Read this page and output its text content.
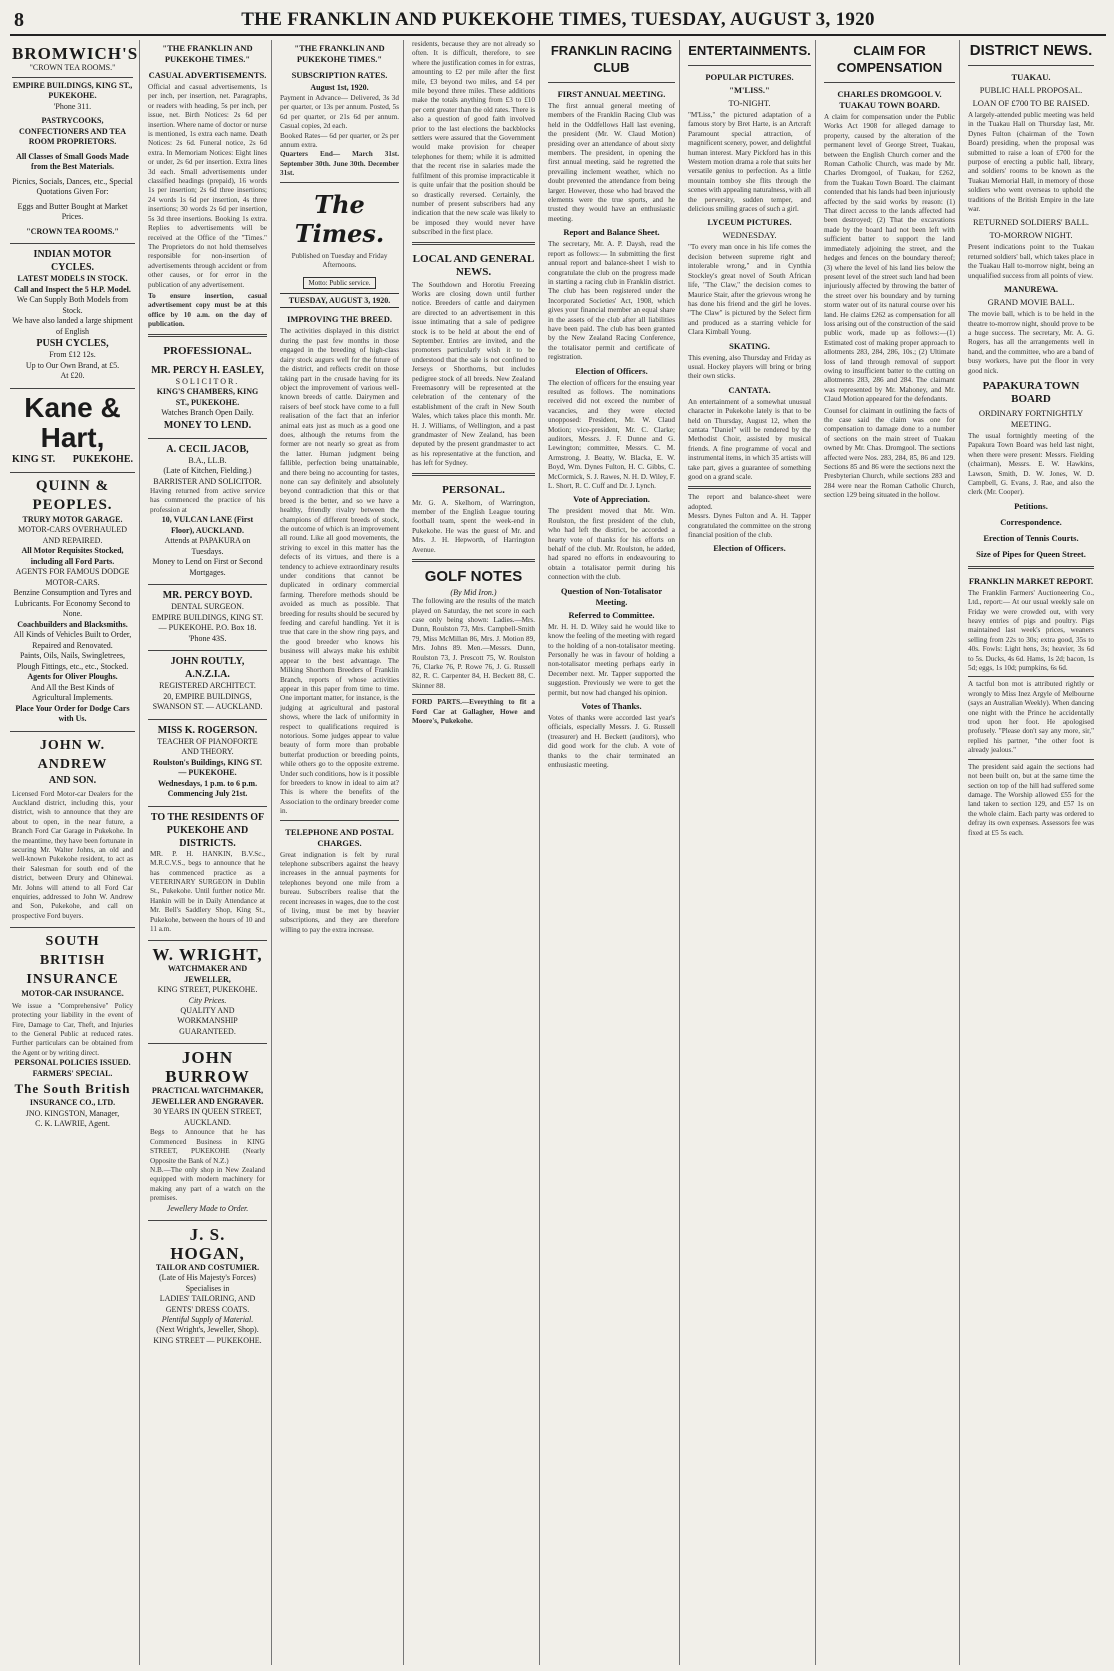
8	THE FRANKLIN AND PUKEKOHE TIMES, TUESDAY, AUGUST 3, 1920
BROMWICH'S
"CROWN TEA ROOMS."
EMPIRE BUILDINGS, KING ST., PUKEKOHE.
'Phone 311.
PASTRYCOOKS, CONFECTIONERS AND TEA ROOM PROPRIETORS.
All Classes of Small Goods Made from the Best Materials.
Picnics, Socials, Dances, etc., Special Quotations Given For:
Eggs and Butter Bought at Market Prices.
"CROWN TEA ROOMS."
INDIAN MOTOR CYCLES.
LATEST MODELS IN STOCK.
Call and Inspect the 5 H.P. Model.
We Can Supply Both Models from Stock.
We have also landed a large shipment of English
PUSH CYCLES,
From £12 12s.
Up to Our Own Brand, at £5.
At £20.
Kane & Hart,
KING ST. PUKEKOHE.
QUINN & PEOPLES.
TRURY MOTOR GARAGE.
MOTOR-CARS OVERHAULED AND REPAIRED.
All Motor Requisites Stocked, including all Ford Parts.
AGENTS FOR FAMOUS DODGE MOTOR-CARS.
Benzine Consumption and Tyres and Lubricants. For Economy Second to None.
Coachbuilders and Blacksmiths.
All Kinds of Vehicles Built to Order, Repaired and Renovated.
Paints, Oils, Nails, Swingletrees, Plough Fittings, etc., etc., Stocked.
Agents for Oliver Ploughs.
And All the Best Kinds of Agricultural Implements.
Place Your Order for Dodge Cars with Us.
JOHN W. ANDREW
AND SON.
Licensed Ford Motor-car Dealers for the Auckland district, including this, your district, wish to announce that they are about to open, in the near future, a Branch Ford Car Garage in Pukekohe. In the meantime, they have been fortunate in securing Mr. Walter Johns, an old and well-known Pukekohe resident, to act as their Salesman for south end of the district, between Drury and Ohinewai. Mr. Johns will attend to all Ford Car enquiries, addressed to John W. Andrew and Son, Pukekohe, and call on prospective Ford buyers.
SOUTH BRITISH INSURANCE
MOTOR-CAR INSURANCE.
We issue a "Comprehensive" Policy protecting your liability in the event of Fire, Damage to Car, Theft, and Injuries to the General Public at reduced rates. Further particulars can be obtained from the Agent or by writing direct.
PERSONAL POLICIES ISSUED.
FARMERS' SPECIAL.
The South British
INSURANCE CO., LTD.
JNO. KINGSTON, Manager,
C. K. LAWRIE, Agent.
"THE FRANKLIN AND PUKEKOHE TIMES."
CASUAL ADVERTISEMENTS.
Official and casual advertisements, 1s per inch, per insertion, net. Paragraphs, or readers with heading, 5s per inch, per issue, net. Birth Notices: 2s 6d per insertion. Where name of doctor or nurse is mentioned, 1s extra each name. Death Notices: 2s 6d. Funeral notice, 2s 6d extra. In Memoriam Notices: Eight lines or under, 2s 6d per insertion. Extra lines 3d each. Small advertisements under classified headings (prepaid), 16 words 1s per insertion; 2s 6d three insertions; 24 words 1s 6d per insertion, 4s three insertions; 30 words 2s 6d per insertion, 5s 3d three insertions. Booking 1s extra. Replies to advertisements will be received at the Office of the "Times." The Proprietors do not hold themselves responsible for non-insertion of advertisements through accident or from other causes, or for error in the publication of any advertisement.
To ensure insertion, casual advertisement copy must be at this office by 10 a.m. on the day of publication.
PROFESSIONAL.
MR. PERCY H. EASLEY,
SOLICITOR.
KING'S CHAMBERS, KING ST., PUKEKOHE.
Watches Branch Open Daily.
MONEY TO LEND.
A. CECIL JACOB,
B.A., LL.B.
(Late of Kitchen, Fielding.) BARRISTER AND SOLICITOR.
Having returned from active service has commenced the practice of his profession at
10, VULCAN LANE (First Floor), AUCKLAND.
Attends at PAPAKURA on Tuesdays.
Money to Lend on First or Second Mortgages.
MR. PERCY BOYD.
DENTAL SURGEON.
EMPIRE BUILDINGS, KING ST. — PUKEKOHE. P.O. Box 18. 'Phone 43S.
JOHN ROUTLY, A.N.Z.I.A.
REGISTERED ARCHITECT.
20, EMPIRE BUILDINGS, SWANSON ST. — AUCKLAND.
MISS K. ROGERSON.
TEACHER OF PIANOFORTE AND THEORY.
Roulston's Buildings, KING ST. — PUKEKOHE.
Wednesdays, 1 p.m. to 6 p.m. Commencing July 21st.
TO THE RESIDENTS OF PUKEKOHE AND DISTRICTS.
MR. P. H. HANKIN, B.V.Sc., M.R.C.V.S., begs to announce that he has commenced practice as a VETERINARY SURGEON in Dublin St., Pukekohe. Until further notice Mr. Hankin will be in Daily Attendance at Mr. Bell's Saddlery Shop, King St., Pukekohe, between the hours of 10 and 11 a.m.
W. WRIGHT,
WATCHMAKER AND JEWELLER,
KING STREET, PUKEKOHE.
City Prices.
QUALITY AND WORKMANSHIP GUARANTEED.
JOHN BURROW
PRACTICAL WATCHMAKER, JEWELLER AND ENGRAVER.
30 YEARS IN QUEEN STREET, AUCKLAND.
Begs to Announce that he has Commenced Business in KING STREET, PUKEKOHE (Nearly Opposite the Bank of N.Z.)
N.B.—The only shop in New Zealand equipped with modern machinery for making any part of a watch on the premises.
Jewellery Made to Order.
J. S. HOGAN,
TAILOR AND COSTUMIER.
(Late of His Majesty's Forces) Specialises in
LADIES' TAILORING, AND GENTS' DRESS COATS.
Plentiful Supply of Material.
(Next Wright's, Jeweller, Shop). KING STREET — PUKEKOHE.
"THE FRANKLIN AND PUKEKOHE TIMES."
SUBSCRIPTION RATES.
August 1st, 1920.
Payment in Advance— Delivered, 3s 3d per quarter, or 13s per annum. Posted, 5s 6d per quarter, or 21s 6d per annum. Casual copies, 2d each.
Booked Rates— 6d per quarter, or 2s per annum extra.
Quarters End— March 31st. September 30th. June 30th. December 31st.
The Times.
Published on Tuesday and Friday Afternoons.
Motto: Public service.
TUESDAY, AUGUST 3, 1920.
IMPROVING THE BREED.
The activities displayed in this district during the past few months in those engaged in the breeding of high-class dairy stock augurs well for the future of the district, and reflects credit on those taking part in the crusade having for its object the improvement of various well-known breeds of cattle. Dairymen and raisers of beef stock have come to a full realisation of the fact that an inferior animal eats just as much as a good one does, although the returns from the former are not nearly so great as from the latter. Human judgment being fallible, perfection being unattainable, and there being no accounting for tastes, none can say definitely and absolutely beyond contradiction that this or that breed is the better, and so we have a healthy, friendly rivalry between the champions of different breeds of stock, the outcome of which is an improvement all round. Like all good movements, the striving to excel in this matter has the defects of its virtues, and there is a tendency to achieve extraordinary results under conditions that cannot be duplicated in ordinary commercial farming. Therefore methods should be avoided as much as possible. That breeding for results should be secured by feeding and careful handling. Yet it is true that care in the show ring pays, and the good breeder who knows his business will always make his exhibit appear to the best advantage. The Milking Shorthorn Breeders of Franklin Branch, reports of whose activities appear in this paper from time to time. One important matter, for instance, is the judging at agricultural and pastoral shows, where the lack of uniformity in respect to qualifications required is notorious. Some judges appear to value beauty of form more than probable butterfat production or breeding points, while others go to the opposite extreme. Under such conditions, how is it possible for breeders to know in ideal to aim at? This is where the benefits of the Association to the ordinary breeder come in.
TELEPHONE AND POSTAL CHARGES.
Great indignation is felt by rural telephone subscribers against the heavy increases in the annual payments for telephones beyond one mile from a bureau. Subscribers realise that the recent increases in wages, due to the cost of living, must be met by heavier subscriptions, and they are therefore willing to pay the extra increase.
residents, because they are not already so often. It is difficult, therefore, to see where the justification comes in for extras, amounting to £2 per mile after the first mile, £3 beyond two miles, and £4 per mile beyond three miles. These additions make the totals anything from £3 to £10 per cent greater than the old rates. There is also a question of good faith involved prior to the last elections the backblocks settlers were assured that the Government would make provision for cheaper telephones for them; while it is admitted that the recent rise in salaries made the fulfilment of this promise impracticable it is quite unfair that the position should be so drastically reversed. Certainly, the number of present subscribers had any indication that the new scale was likely to be imposed they would never have subscribed in the first place.
LOCAL AND GENERAL NEWS.
The Southdown and Horotiu Freezing Works are closing down until further notice. Breeders of cattle and dairymen are directed to an advertisement in this issue intimating that a sale of pedigree stock is to be held at about the end of September. Entries are invited, and the promoters particularly wish it to be understood that the sale is not confined to Jerseys or Shorthorns, but includes pedigree stock of all breeds. New Zealand Freemasonry will be represented at the celebration of the centenary of the establishment of the craft in New South Wales, which takes place this month. Mr. H. J. Williams, of Wellington, and a past grandmaster of New Zealand, has been deputed by the present grandmaster to act as his representative at the function, and has left for Sydney.
PERSONAL.
Mr. G. A. Skelhorn, of Warrington, member of the English League touring football team, spent the week-end in Pukekohe. He was the guest of Mr. and Mrs. J. H. Hepworth, of Harrington Avenue.
GOLF NOTES
(By Mid Iron.)
The following are the results of the match played on Saturday, the net score in each case only being shown: Ladies.—Mrs. Dunn, Roulston 73, Mrs. Campbell-Smith 79, Miss McMillan 86, Mrs. J. Motion 89, Mrs. Johns 89. Men.—Messrs. Dunn, Roulston 73, J. Prescott 75, W. Roulston 76, Clarke 76, P. Rowe 76, J. G. Russell 82, R. C. Carpenter 84, H. Beckett 88, C. Skinner 88.
FORD PARTS.—Everything to fit a Ford Car at Gallagher, Howe and Moore's, Pukekohe.
FRANKLIN RACING CLUB
FIRST ANNUAL MEETING.
The first annual general meeting of members of the Franklin Racing Club was held in the Oddfellows Hall last evening, the president (Mr. W. Claud Motion) presiding over an attendance of about sixty members. The president, in opening the first annual meeting, said he regretted the prevailing inclement weather, which no doubt prevented the attendance from being larger. However, those who had braved the elements were the true sports, and he trusted they would have an enthusiastic meeting.
Report and Balance Sheet.
The secretary, Mr. A. P. Daysh, read the report as follows:— In submitting the first annual report and balance-sheet I wish to congratulate the club on the progress made in starting a racing club in Franklin district. The club has been registered under the Incorporated Societies' Act, 1908, which gives your financial member an equal share in the assets of the club after all liabilities have been paid. The club has been granted by the New Zealand Racing Conference, the totalisator permit and certificate of registration.
Election of Officers.
The election of officers for the ensuing year resulted as follows. The nominations received did not exceed the number of vacancies, and they were elected unopposed: President, Mr. W. Claud Motion; vice-president, Mr. C. Clarke; auditors, Messrs. J. F. Dunne and G. Lewington; committee, Messrs. C. M. Armstrong, J. Beatty, W. Blacka, E. W. Boyd, Wm. Dynes Fulton, H. C. Gibbs, C. McCormick, S. J. Rawes, N. H. D. Wiley, F. L. Short, R. C. Cuff and Dr. J. Lynch.
Vote of Appreciation.
The president moved that Mr. Wm. Roulston, the first president of the club, who had left the district, be accorded a hearty vote of thanks for his efforts on behalf of the club. Mr. Roulston, he added, had spared no efforts in endeavouring to obtain a totalisator permit during his connection with the club.
Question of Non-Totalisator Meeting.
Referred to Committee.
Mr. H. H. D. Wiley said he would like to know the feeling of the meeting with regard to the holding of a non-totalisator meeting. Personally he was in favour of holding a non-totalisator meeting perhaps early in December next. Mr. Tapper supported the suggestion. Previously we were to get the permit, but now had changed his opinion.
Votes of Thanks.
Votes of thanks were accorded last year's officials, especially Messrs. J. G. Russell (treasurer) and H. Beckett (auditors), who did good work for the club. A vote of thanks to the chair terminated an enthusiastic meeting.
ENTERTAINMENTS.
POPULAR PICTURES.
"M'LISS."
TO-NIGHT.
"M'Liss," the pictured adaptation of a famous story by Bret Harte, is an Artcraft Paramount special attraction, of magnificent scenery, power, and delightful human interest. Mary Pickford has in this Western motion drama a role that suits her versatile genius to perfection. As a little mountain tomboy she flits through the scenes with appealing naturalness, with all the perversity, sudden temper, and delicious smiling graces of such a girl.
LYCEUM PICTURES.
WEDNESDAY.
"To every man once in his life comes the decision between supreme right and intolerable wrong," and in Cynthia Stockley's great novel of South African life, "The Claw," the decision comes to Maurice Stair, after the grievous wrong he has done his friend and the girl he loves. "The Claw" is pictured by the Select firm and produced as a starring vehicle for Clara Kimball Young.
SKATING.
This evening, also Thursday and Friday as usual. Hockey players will bring or bring their own sticks.
CANTATA.
An entertainment of a somewhat unusual character in Pukekohe lately is that to be held on Thursday, August 12, when the cantata "Daniel" will be rendered by the Methodist Choir, assisted by musical friends. A fine programme of vocal and instrumental items, in which 35 artists will take part, gives a guarantee of something good on a grand scale.
The report and balance-sheet were adopted.
Messrs. Dynes Fulton and A. H. Tapper congratulated the committee on the strong financial position of the club.
Election of Officers.
CLAIM FOR COMPENSATION
CHARLES DROMGOOL V. TUAKAU TOWN BOARD.
A claim for compensation under the Public Works Act 1908 for alleged damage to property, caused by the alteration of the permanent level of George Street, Tuakau, between the English Church corner and the Roman Catholic Church, was made by Mr. Charles Dromgool, of Tuakau, for £262, from the Tuakau Town Board. The claimant contended that his lands had been injuriously affected by the said works by reason: (1) That direct access to the lands affected had been destroyed; (2) That the excavations made by the board had not been left with sufficient batter to support the land immediately adjoining the street, and the hedges and fences on the boundary thereof; (3) where the level of his land lies below the present level of the street such land had been injuriously affected by throwing the batter of the street over his boundary and by turning storm water out of its natural course over his land. He claims £262 as compensation for all loss arising out of the construction of the said public work, made up as follows:—(1) Estimated cost of making proper approach to allotments 283, 284, 286, 10s.; (2) Ultimate loss of land through removal of support owing to insufficient batter to the cutting on allotments 283, 286 and 284. The claimant was represented by Mr. Mahoney, and Mr. Claud Motion appeared for the defendants.
Counsel for claimant in outlining the facts of the case said the claim was one for compensation to damage done to a number of sections on the main street of Tuakau owned by Mr. Chas. Dromgool. The sections affected were Nos. 283, 284, 85, 86 and 129. Sections 85 and 86 were the sections next the Presbyterian Church, while sections 283 and 284 were near the Roman Catholic Church, section 129 being situated in the hollow.
DISTRICT NEWS.
TUAKAU.
PUBLIC HALL PROPOSAL.
LOAN OF £700 TO BE RAISED.
A largely-attended public meeting was held in the Tuakau Hall on Thursday last, Mr. Dynes Fulton (chairman of the Town Board) presiding, when the proposal was submitted to raise a loan of £700 for the purpose of erecting a public hall, library, and soldiers' rooms to be known as the Tuakau Memorial Hall, in memory of those soldiers who went overseas to uphold the traditions of the British Empire in the late war.
RETURNED SOLDIERS' BALL.
TO-MORROW NIGHT.
Present indications point to the Tuakau returned soldiers' ball, which takes place in the Tuakau Hall to-morrow night, being an unqualified success from all points of view.
MANUREWA.
GRAND MOVIE BALL.
The movie ball, which is to be held in the theatre to-morrow night, should prove to be a huge success. The secretary, Mr. A. G. Rogers, has all the arrangements well in hand, and the committee, who are a band of busy workers, have put the floor in very good nick.
PAPAKURA TOWN BOARD
ORDINARY FORTNIGHTLY MEETING.
The usual fortnightly meeting of the Papakura Town Board was held last night, when there were present: Messrs. Fielding (chairman), Messrs. E. W. Hawkins, Lawson, Smith, D. W. Jones, W. D. Campbell, G. Evans, J. Rae, and also the clerk (Mr. Cooper).
Petitions.
Correspondence.
Erection of Tennis Courts.
Size of Pipes for Queen Street.
FRANKLIN MARKET REPORT.
The Franklin Farmers' Auctioneering Co., Ltd., report:— At our usual weekly sale on Friday we were crowded out, with very heavy entries of pigs and poultry. Pigs maintained last week's prices, weaners selling from 22s to 30s; extra good, 35s to 40s. Fowls: Light hens, 3s; heavier, 3s 6d to 5s. Ducks, 4s 6d. Hams, 1s 2d; bacon, 1s 5d; eggs, 1s 10d; pumpkins, 6s 6d.
A tactful bon mot is attributed rightly or wrongly to Miss Inez Argyle of Melbourne (says an Australian Weekly). When dancing one night with the Prince he accidentally trod upon her foot. He apologised profusely. "Please don't say any more, sir," replied his partner, "the other foot is already jealous."
The president said again the sections had not been built on, but at the same time the section on top of the hill had suffered some damage. The Worship allowed £55 for the land taken to section 129, and £57 1s on the whole claim. Each party was ordered to defray its own expenses. Assessors fee was fixed at £5 5s each.
